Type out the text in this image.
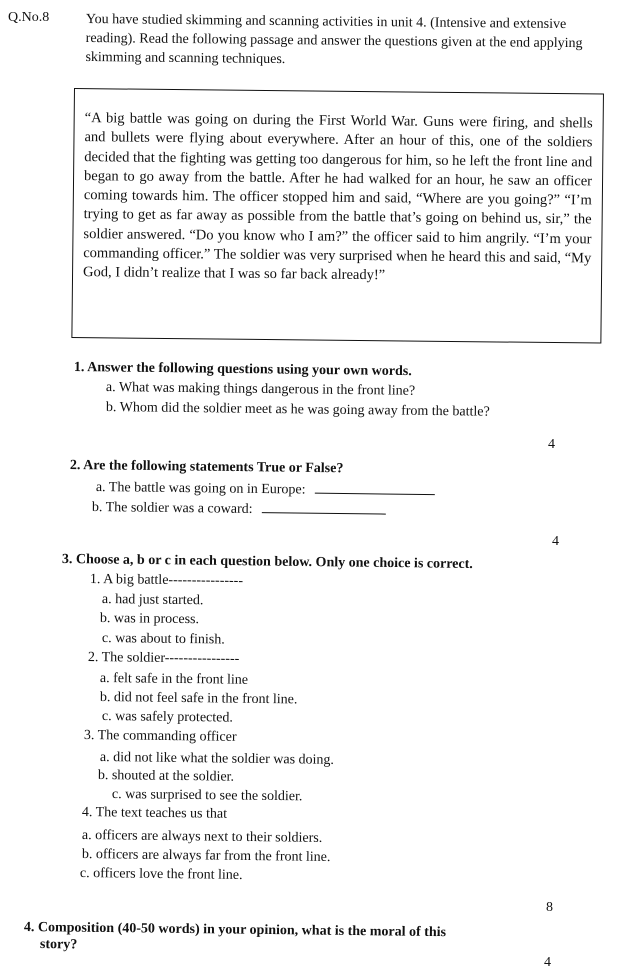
Q.No.8	You have studied skimming and scanning activities in unit 4. (Intensive and extensive reading). Read the following passage and answer the questions given at the end applying skimming and scanning techniques.
“A big battle was going on during the First World War. Guns were firing, and shells and bullets were flying about everywhere. After an hour of this, one of the soldiers decided that the fighting was getting too dangerous for him, so he left the front line and began to go away from the battle. After he had walked for an hour, he saw an officer coming towards him. The officer stopped him and said, “Where are you going?” “I’m trying to get as far away as possible from the battle that’s going on behind us, sir,” the soldier answered. “Do you know who I am?” the officer said to him angrily. “I’m your commanding officer.” The soldier was very surprised when he heard this and said, “My God, I didn’t realize that I was so far back already!”
1. Answer the following questions using your own words.
a. What was making things dangerous in the front line?
b. Whom did the soldier meet as he was going away from the battle?
4
2. Are the following statements True or False?
a. The battle was going on in Europe:
b. The soldier was a coward:
4
3. Choose a, b or c in each question below. Only one choice is correct.
1. A big battle----------------
a. had just started.
b. was in process.
c. was about to finish.
2. The soldier----------------
a. felt safe in the front line
b. did not feel safe in the front line.
c. was safely protected.
3. The commanding officer
a. did not like what the soldier was doing.
b. shouted at the soldier.
c. was surprised to see the soldier.
4. The text teaches us that
a. officers are always next to their soldiers.
b. officers are always far from the front line.
c. officers love the front line.
8
4. Composition (40-50 words) in your opinion, what is the moral of this
story?
4
